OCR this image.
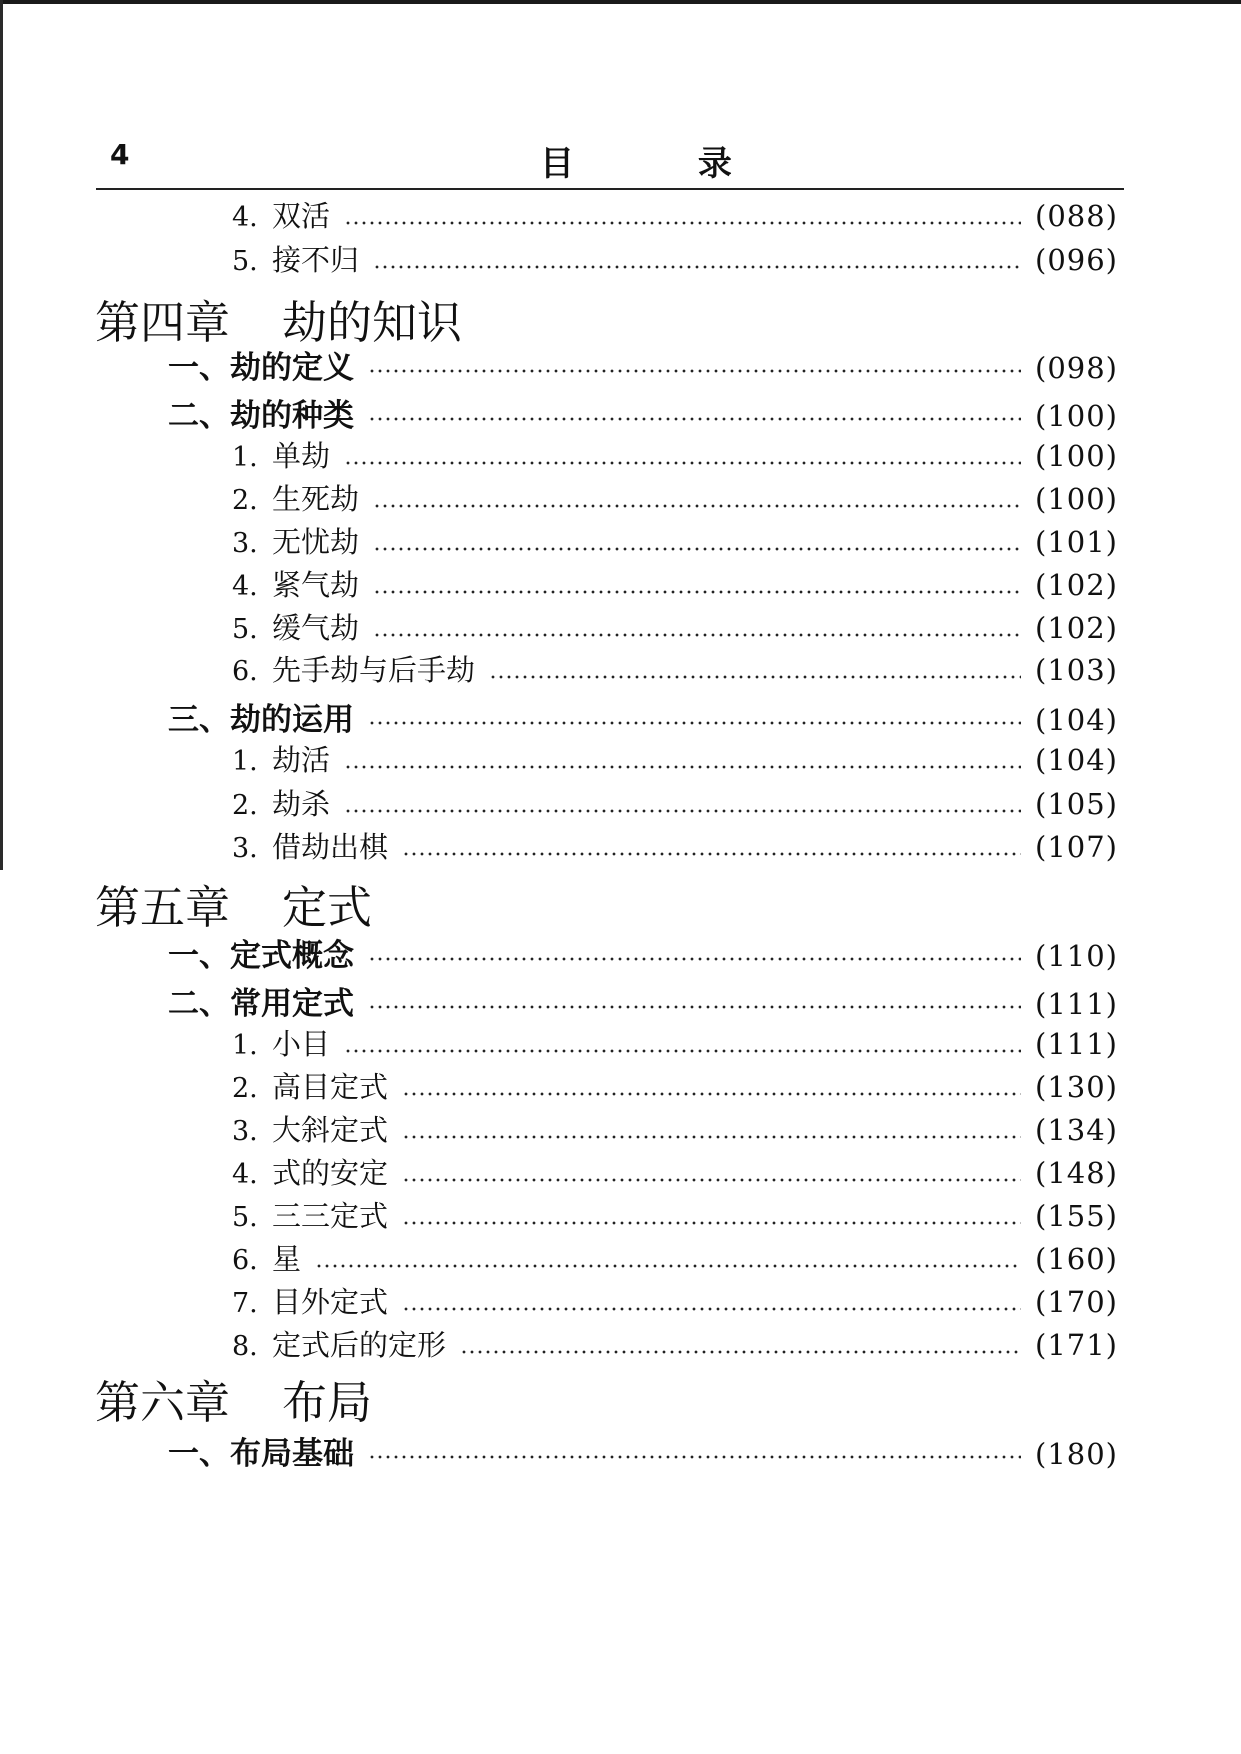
4	目 录
4. 双活	(088)
5. 接不归	(096)
第四章 劫的知识
一、劫的定义	(098)
二、劫的种类	(100)
1. 单劫	(100)
2. 生死劫	(100)
3. 无忧劫	(101)
4. 紧气劫	(102)
5. 缓气劫	(102)
6. 先手劫与后手劫	(103)
三、劫的运用	(104)
1. 劫活	(104)
2. 劫杀	(105)
3. 借劫出棋	(107)
第五章 定式
一、定式概念	(110)
二、常用定式	(111)
1. 小目	(111)
2. 高目定式	(130)
3. 大斜定式	(134)
4. 式的安定	(148)
5. 三三定式	(155)
6. 星	(160)
7. 目外定式	(170)
8. 定式后的定形	(171)
第六章 布局
一、布局基础	(180)
